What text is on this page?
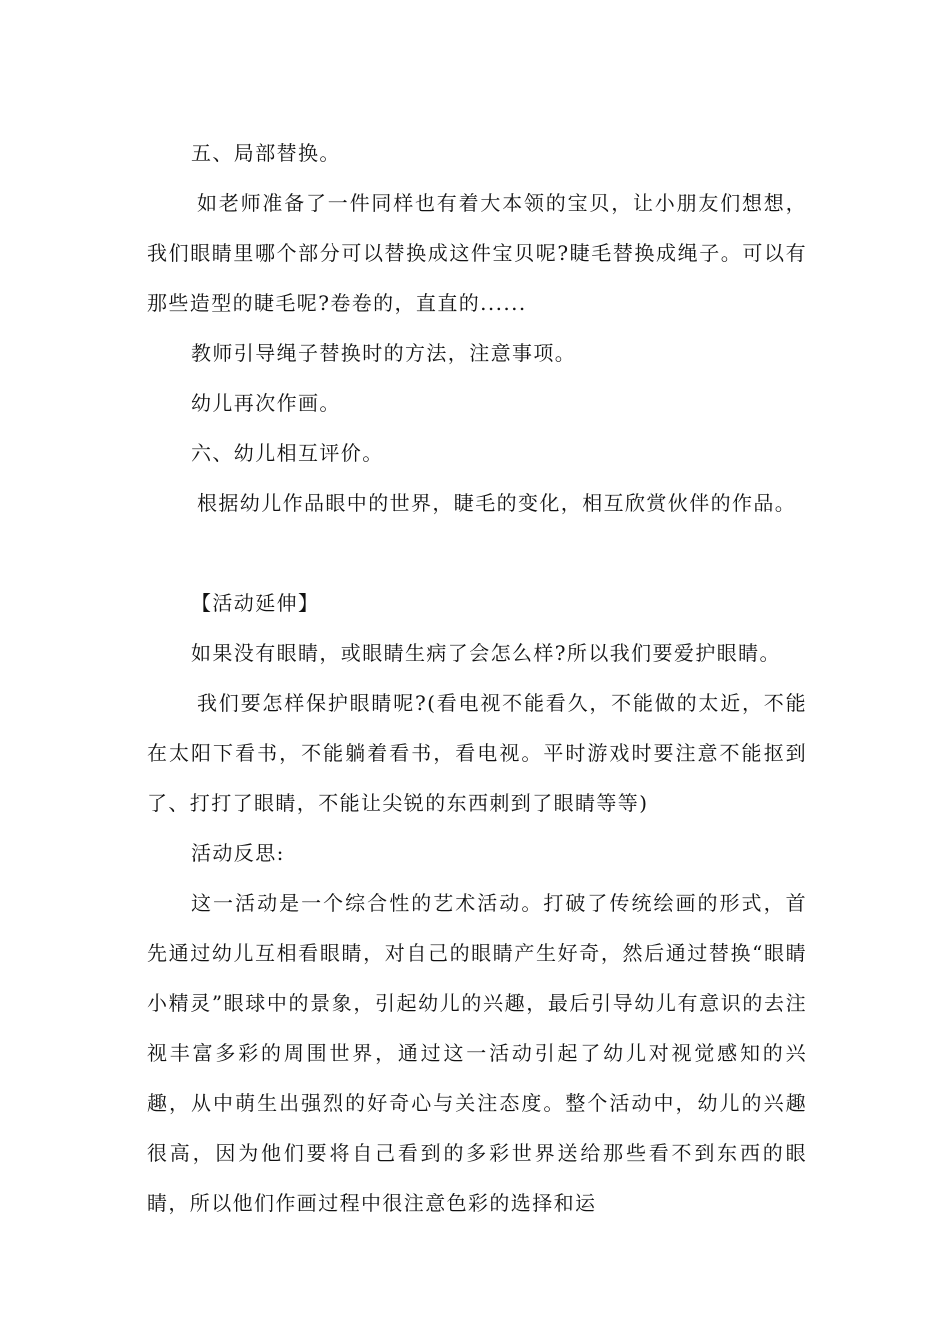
五、局部替换。

如老师准备了一件同样也有着大本领的宝贝，让小朋友们想想，我们眼睛里哪个部分可以替换成这件宝贝呢?睫毛替换成绳子。可以有那些造型的睫毛呢?卷卷的，直直的......

教师引导绳子替换时的方法，注意事项。

幼儿再次作画。

六、幼儿相互评价。

根据幼儿作品眼中的世界，睫毛的变化，相互欣赏伙伴的作品。

【活动延伸】

如果没有眼睛，或眼睛生病了会怎么样?所以我们要爱护眼睛。

我们要怎样保护眼睛呢?(看电视不能看久，不能做的太近，不能在太阳下看书，不能躺着看书，看电视。平时游戏时要注意不能抠到了、打打了眼睛，不能让尖锐的东西刺到了眼睛等等)

活动反思:

这一活动是一个综合性的艺术活动。打破了传统绘画的形式，首先通过幼儿互相看眼睛，对自己的眼睛产生好奇，然后通过替换“眼睛小精灵”眼球中的景象，引起幼儿的兴趣，最后引导幼儿有意识的去注视丰富多彩的周围世界，通过这一活动引起了幼儿对视觉感知的兴趣，从中萌生出强烈的好奇心与关注态度。整个活动中，幼儿的兴趣很高，因为他们要将自己看到的多彩世界送给那些看不到东西的眼睛，所以他们作画过程中很注意色彩的选择和运
